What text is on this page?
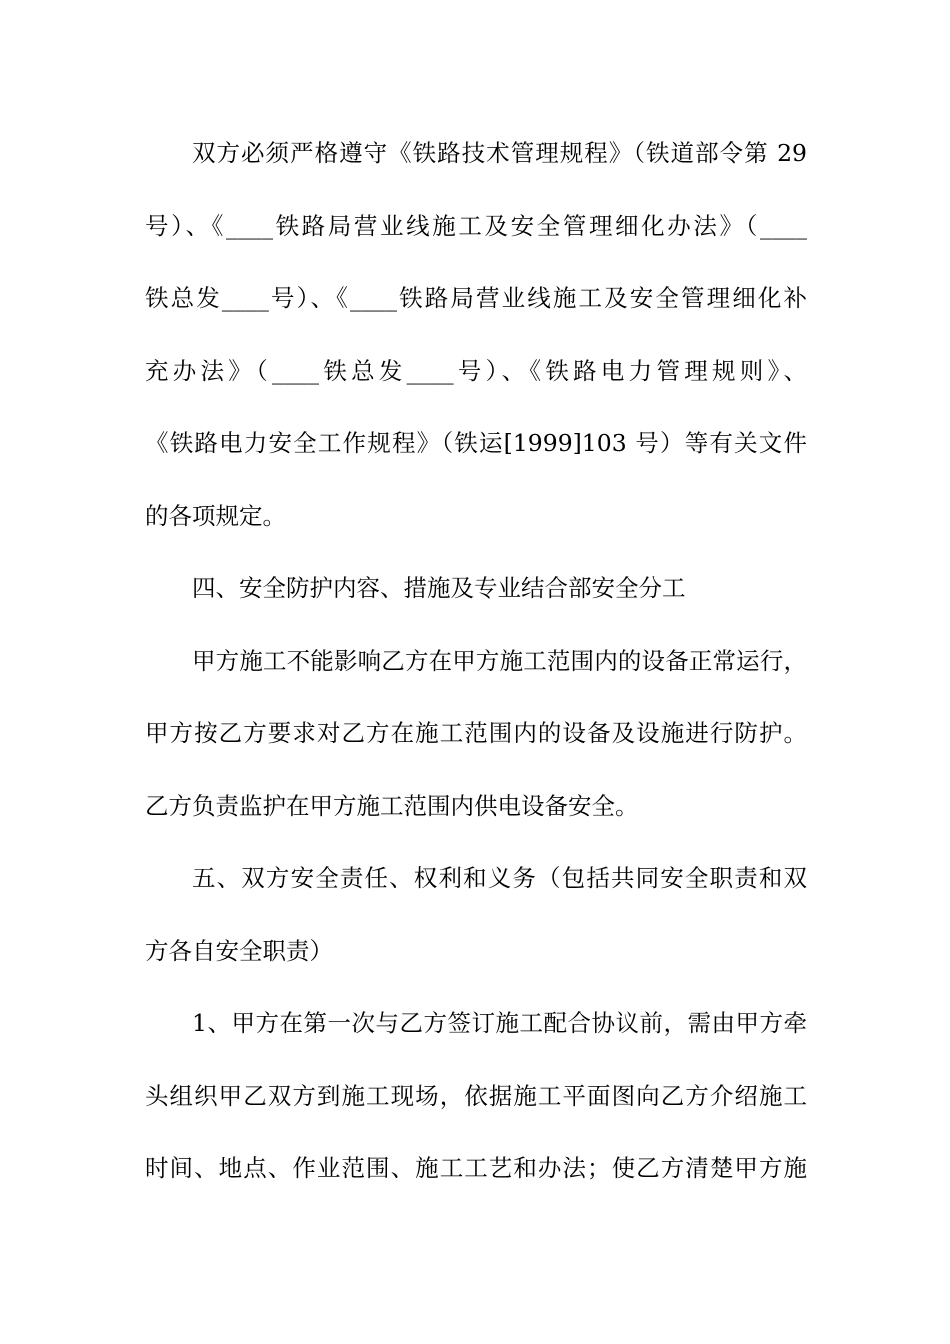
双方必须严格遵守《铁路技术管理规程》（铁道部令第 29
号）、《____铁路局营业线施工及安全管理细化办法》（____
铁总发____号）、《____铁路局营业线施工及安全管理细化补
充办法》（____铁总发____号）、《铁路电力管理规则》、
《铁路电力安全工作规程》（铁运[1999]103 号）等有关文件
的各项规定。
四、安全防护内容、措施及专业结合部安全分工
甲方施工不能影响乙方在甲方施工范围内的设备正常运行，
甲方按乙方要求对乙方在施工范围内的设备及设施进行防护。
乙方负责监护在甲方施工范围内供电设备安全。
五、双方安全责任、权利和义务（包括共同安全职责和双
方各自安全职责）
1、甲方在第一次与乙方签订施工配合协议前，需由甲方牵
头组织甲乙双方到施工现场，依据施工平面图向乙方介绍施工
时间、地点、作业范围、施工工艺和办法；使乙方清楚甲方施
